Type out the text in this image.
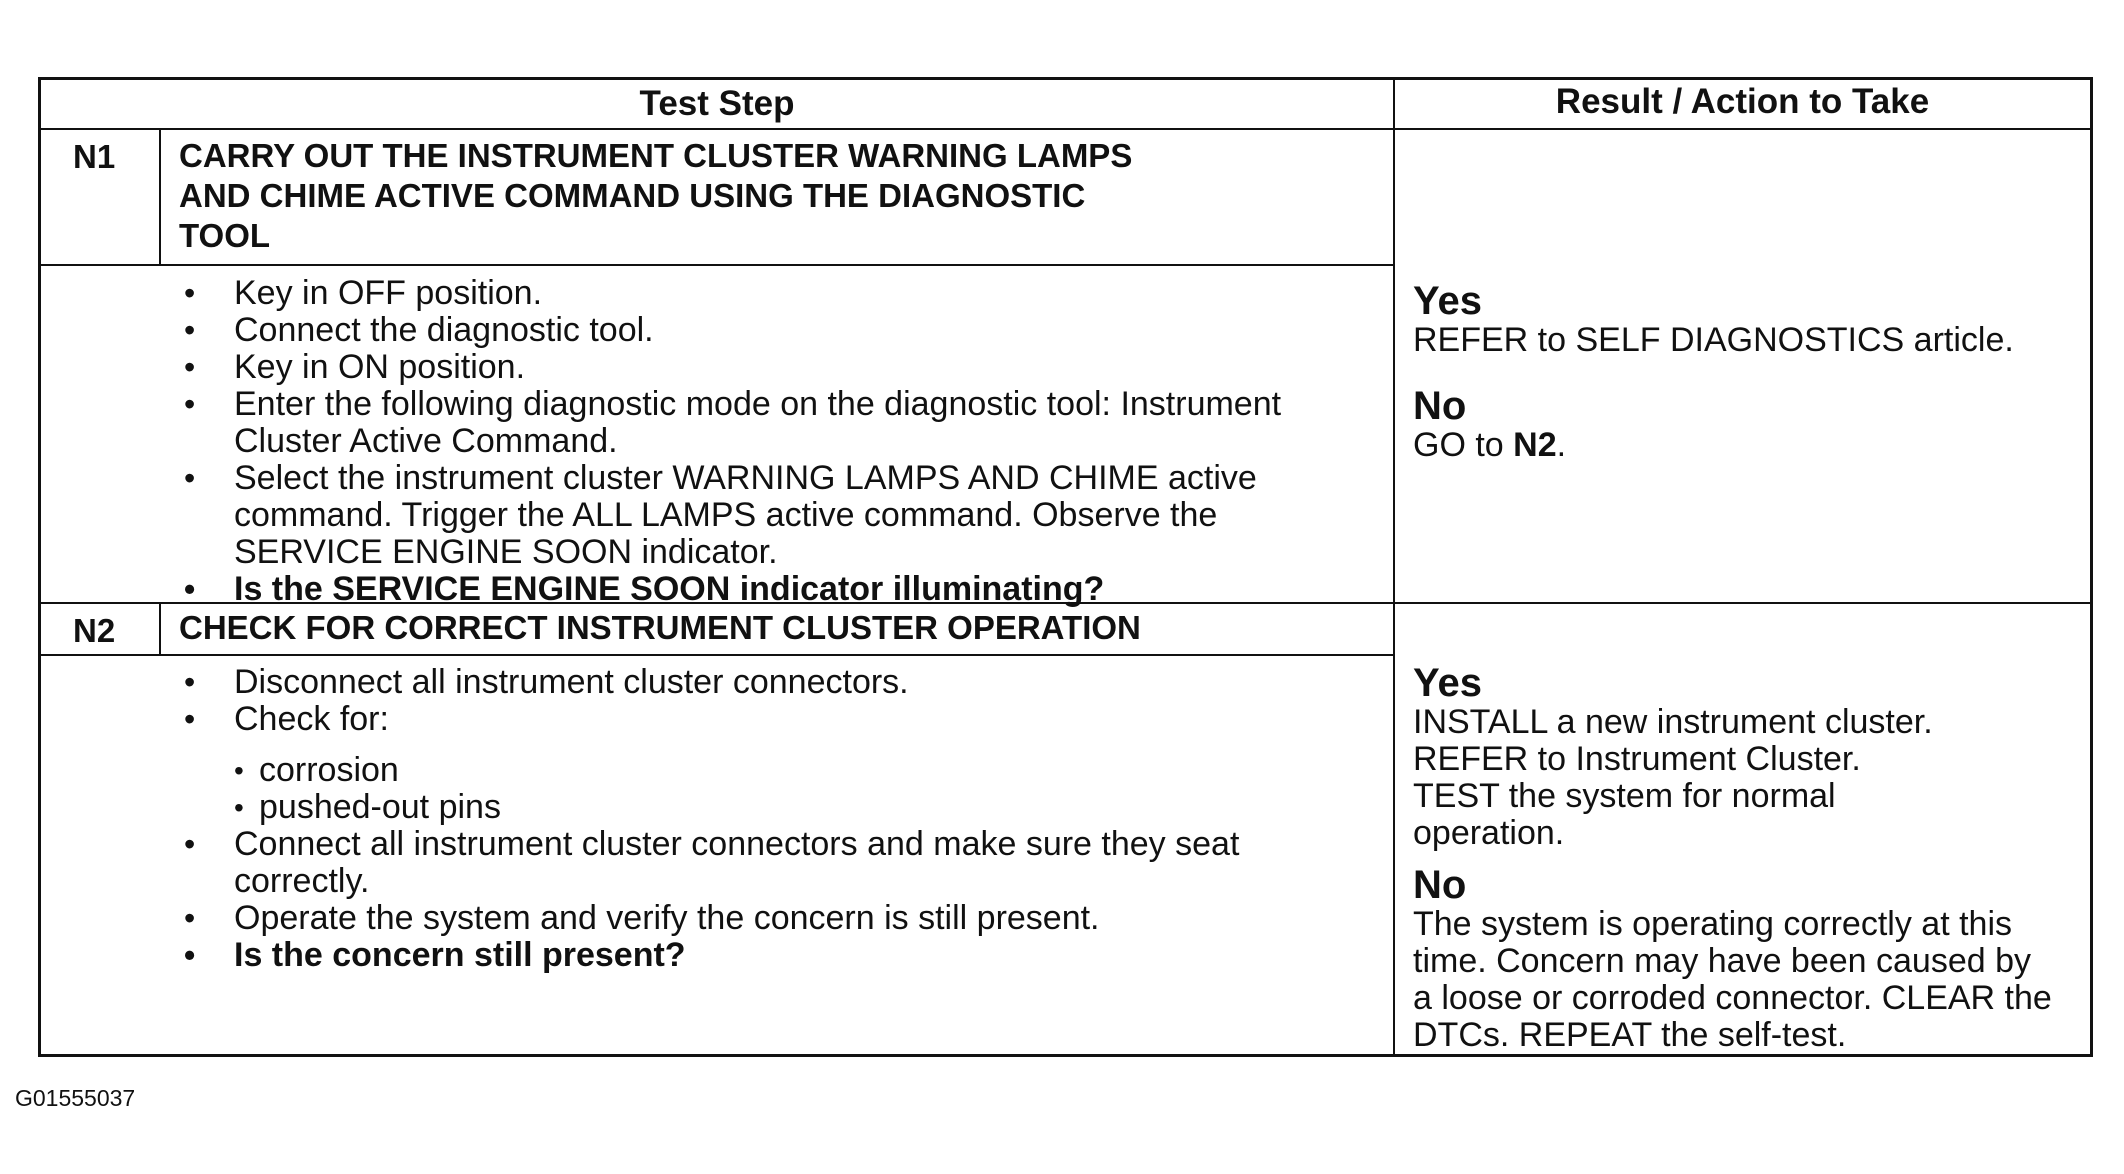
Test Step	Result / Action to Take
N1 CARRY OUT THE INSTRUMENT CLUSTER WARNING LAMPS
AND CHIME ACTIVE COMMAND USING THE DIAGNOSTIC
TOOL
• Key in OFF position.
• Connect the diagnostic tool.
• Key in ON position.
• Enter the following diagnostic mode on the diagnostic tool: Instrument Cluster Active Command.
• Select the instrument cluster WARNING LAMPS AND CHIME active command. Trigger the ALL LAMPS active command. Observe the SERVICE ENGINE SOON indicator.
• Is the SERVICE ENGINE SOON indicator illuminating?
Yes
REFER to SELF DIAGNOSTICS article.
No
GO to N2.
N2 CHECK FOR CORRECT INSTRUMENT CLUSTER OPERATION
• Disconnect all instrument cluster connectors.
• Check for:
• corrosion
• pushed-out pins
• Connect all instrument cluster connectors and make sure they seat correctly.
• Operate the system and verify the concern is still present.
• Is the concern still present?
Yes
INSTALL a new instrument cluster.
REFER to Instrument Cluster.
TEST the system for normal
operation.
No
The system is operating correctly at this
time. Concern may have been caused by
a loose or corroded connector. CLEAR the
DTCs. REPEAT the self-test.
G01555037
